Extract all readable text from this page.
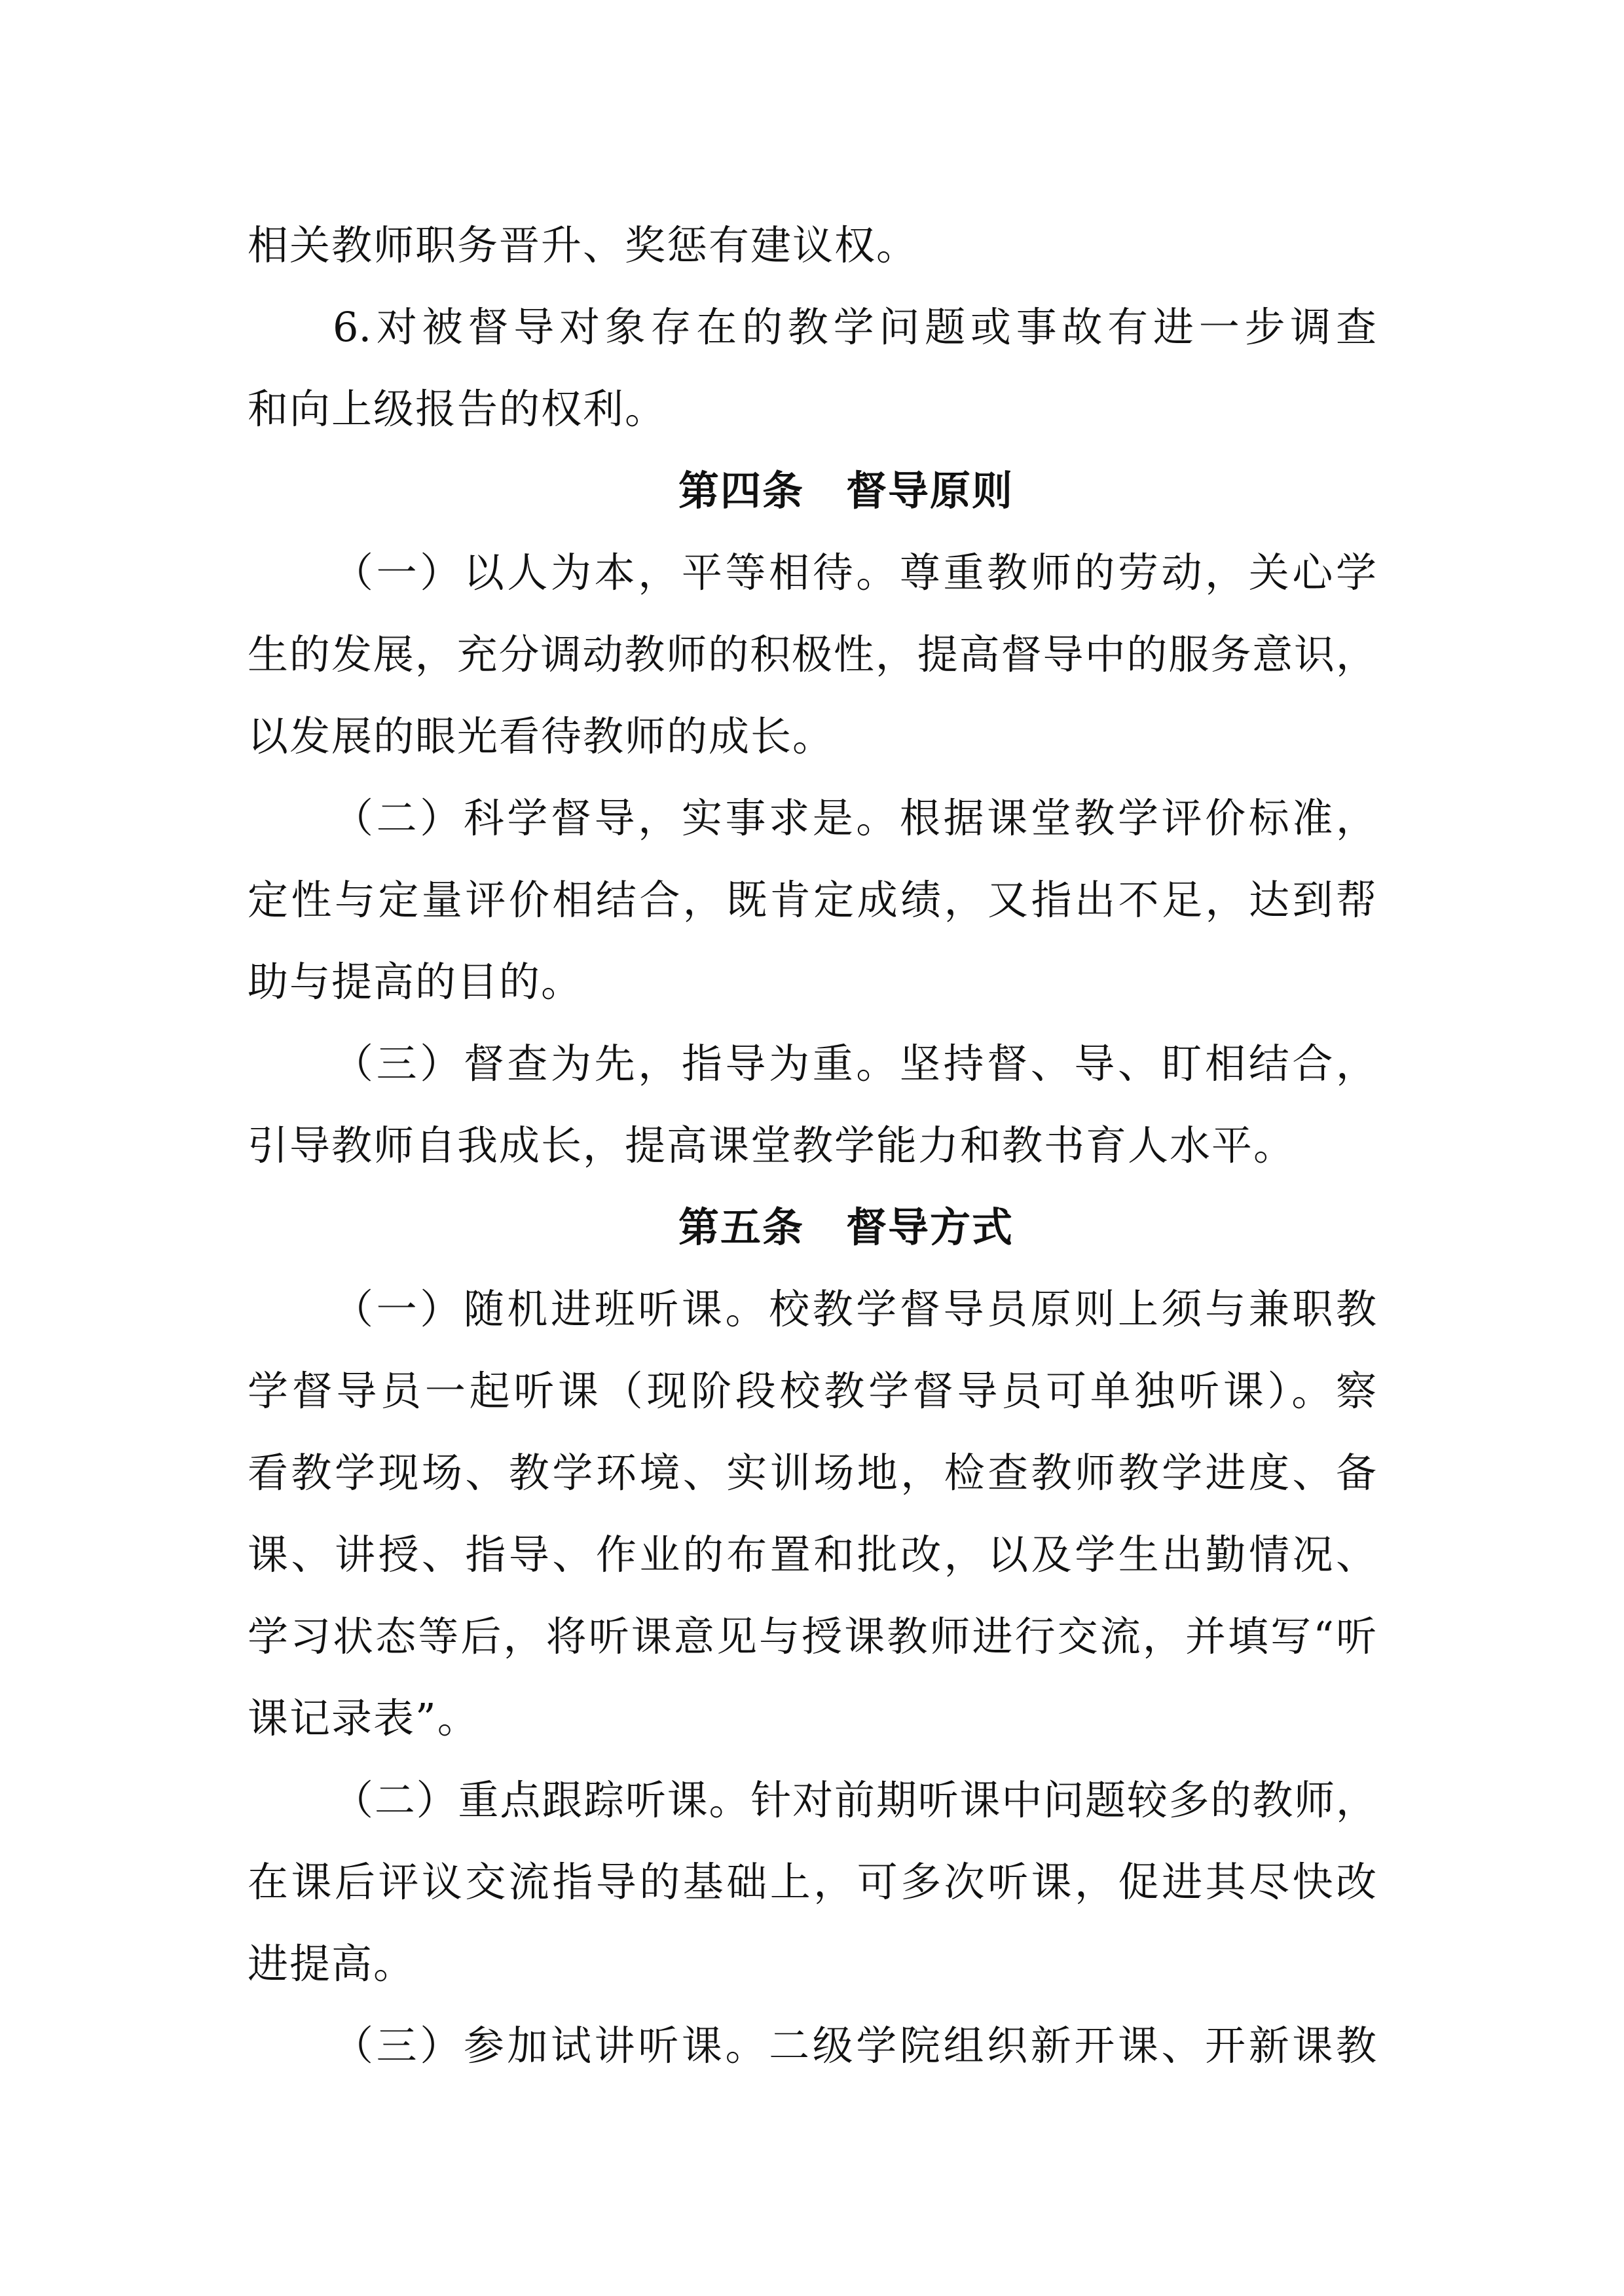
相关教师职务晋升、奖惩有建议权。
6.对被督导对象存在的教学问题或事故有进一步调查
和向上级报告的权利。
第四条　督导原则
（一）以人为本，平等相待。尊重教师的劳动，关心学
生的发展，充分调动教师的积极性，提高督导中的服务意识，
以发展的眼光看待教师的成长。
（二）科学督导，实事求是。根据课堂教学评价标准，
定性与定量评价相结合，既肯定成绩，又指出不足，达到帮
助与提高的目的。
（三）督查为先，指导为重。坚持督、导、盯相结合，
引导教师自我成长，提高课堂教学能力和教书育人水平。
第五条　督导方式
（一）随机进班听课。校教学督导员原则上须与兼职教
学督导员一起听课（现阶段校教学督导员可单独听课）。察
看教学现场、教学环境、实训场地，检查教师教学进度、备
课、讲授、指导、作业的布置和批改，以及学生出勤情况、
学习状态等后，将听课意见与授课教师进行交流，并填写“听
课记录表”。
（二）重点跟踪听课。针对前期听课中问题较多的教师，
在课后评议交流指导的基础上，可多次听课，促进其尽快改
进提高。
（三）参加试讲听课。二级学院组织新开课、开新课教
